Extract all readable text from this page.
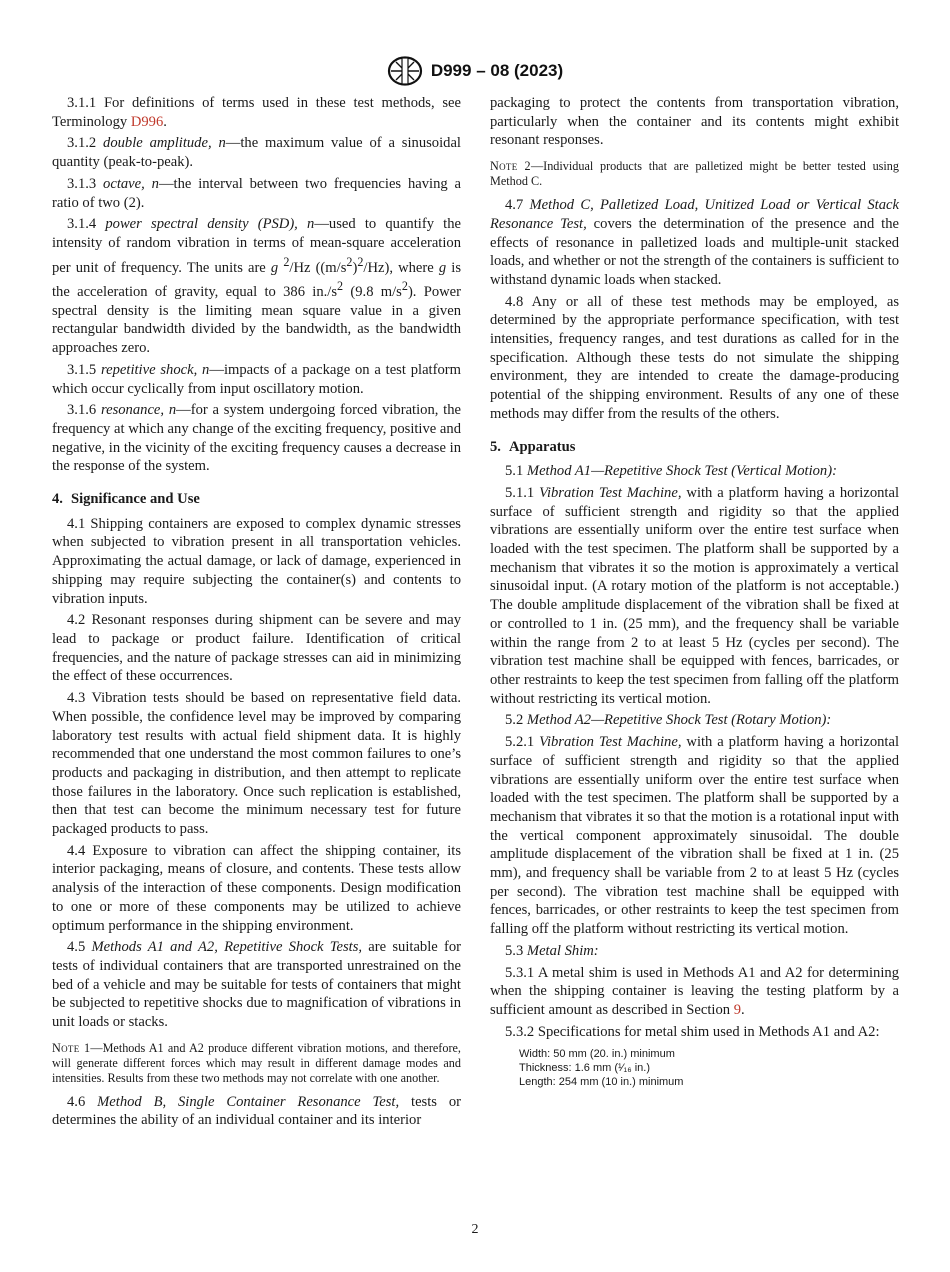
D999 – 08 (2023)

3.1.1 For definitions of terms used in these test methods, see Terminology D996.

3.1.2 double amplitude, n—the maximum value of a sinusoidal quantity (peak-to-peak).

3.1.3 octave, n—the interval between two frequencies having a ratio of two (2).

3.1.4 power spectral density (PSD), n—used to quantify the intensity of random vibration in terms of mean-square acceleration per unit of frequency. The units are g $^2$/Hz $((m/s^2)^2/Hz)$, where g is the acceleration of gravity, equal to 386 $in./s^2$ (9.8 $m/s^2$). Power spectral density is the limiting mean square value in a given rectangular bandwidth divided by the bandwidth, as the bandwidth approaches zero.

3.1.5 repetitive shock, n—impacts of a package on a test platform which occur cyclically from input oscillatory motion.

3.1.6 resonance, n—for a system undergoing forced vibration, the frequency at which any change of the exciting frequency, positive and negative, in the vicinity of the exciting frequency causes a decrease in the response of the system.

4. Significance and Use

4.1 Shipping containers are exposed to complex dynamic stresses when subjected to vibration present in all transportation vehicles. Approximating the actual damage, or lack of damage, experienced in shipping may require subjecting the container(s) and contents to vibration inputs.

4.2 Resonant responses during shipment can be severe and may lead to package or product failure. Identification of critical frequencies, and the nature of package stresses can aid in minimizing the effect of these occurrences.

4.3 Vibration tests should be based on representative field data. When possible, the confidence level may be improved by comparing laboratory test results with actual field shipment data. It is highly recommended that one understand the most common failures to one’s products and packaging in distribution, and then attempt to replicate those failures in the laboratory. Once such replication is established, then that test can become the minimum necessary test for future packaged products to pass.

4.4 Exposure to vibration can affect the shipping container, its interior packaging, means of closure, and contents. These tests allow analysis of the interaction of these components. Design modification to one or more of these components may be utilized to achieve optimum performance in the shipping environment.

4.5 Methods A1 and A2, Repetitive Shock Tests, are suitable for tests of individual containers that are transported unrestrained on the bed of a vehicle and may be suitable for tests of containers that might be subjected to repetitive shocks due to magnification of vibrations in unit loads or stacks.

Note 1—Methods A1 and A2 produce different vibration motions, and therefore, will generate different forces which may result in different damage modes and intensities. Results from these two methods may not correlate with one another.

4.6 Method B, Single Container Resonance Test, tests or determines the ability of an individual container and its interior

packaging to protect the contents from transportation vibration, particularly when the container and its contents might exhibit resonant responses.

Note 2—Individual products that are palletized might be better tested using Method C.

4.7 Method C, Palletized Load, Unitized Load or Vertical Stack Resonance Test, covers the determination of the presence and the effects of resonance in palletized loads and multiple-unit stacked loads, and whether or not the strength of the containers is sufficient to withstand dynamic loads when stacked.

4.8 Any or all of these test methods may be employed, as determined by the appropriate performance specification, with test intensities, frequency ranges, and test durations as called for in the specification. Although these tests do not simulate the shipping environment, they are intended to create the damage-producing potential of the shipping environment. Results of any one of these methods may differ from the results of the others.

5. Apparatus

5.1 Method A1—Repetitive Shock Test (Vertical Motion):

5.1.1 Vibration Test Machine, with a platform having a horizontal surface of sufficient strength and rigidity so that the applied vibrations are essentially uniform over the entire test surface when loaded with the test specimen. The platform shall be supported by a mechanism that vibrates it so the motion is approximately a vertical sinusoidal input. (A rotary motion of the platform is not acceptable.) The double amplitude displacement of the vibration shall be fixed at or controlled to 1 in. (25 mm), and the frequency shall be variable within the range from 2 to at least 5 Hz (cycles per second). The vibration test machine shall be equipped with fences, barricades, or other restraints to keep the test specimen from falling off the platform without restricting its vertical motion.

5.2 Method A2—Repetitive Shock Test (Rotary Motion):

5.2.1 Vibration Test Machine, with a platform having a horizontal surface of sufficient strength and rigidity so that the applied vibrations are essentially uniform over the entire test surface when loaded with the test specimen. The platform shall be supported by a mechanism that vibrates it so that the motion is a rotational input with the vertical component approximately sinusoidal. The double amplitude displacement of the vibration shall be fixed at 1 in. (25 mm), and frequency shall be variable from 2 to at least 5 Hz (cycles per second). The vibration test machine shall be equipped with fences, barricades, or other restraints to keep the test specimen from falling off the platform without restricting its vertical motion.

5.3 Metal Shim:

5.3.1 A metal shim is used in Methods A1 and A2 for determining when the shipping container is leaving the testing platform by a sufficient amount as described in Section 9.

5.3.2 Specifications for metal shim used in Methods A1 and A2:

Width: 50 mm (20. in.) minimum
Thickness: 1.6 mm (¹⁄₁₆ in.)
Length: 254 mm (10 in.) minimum
2
